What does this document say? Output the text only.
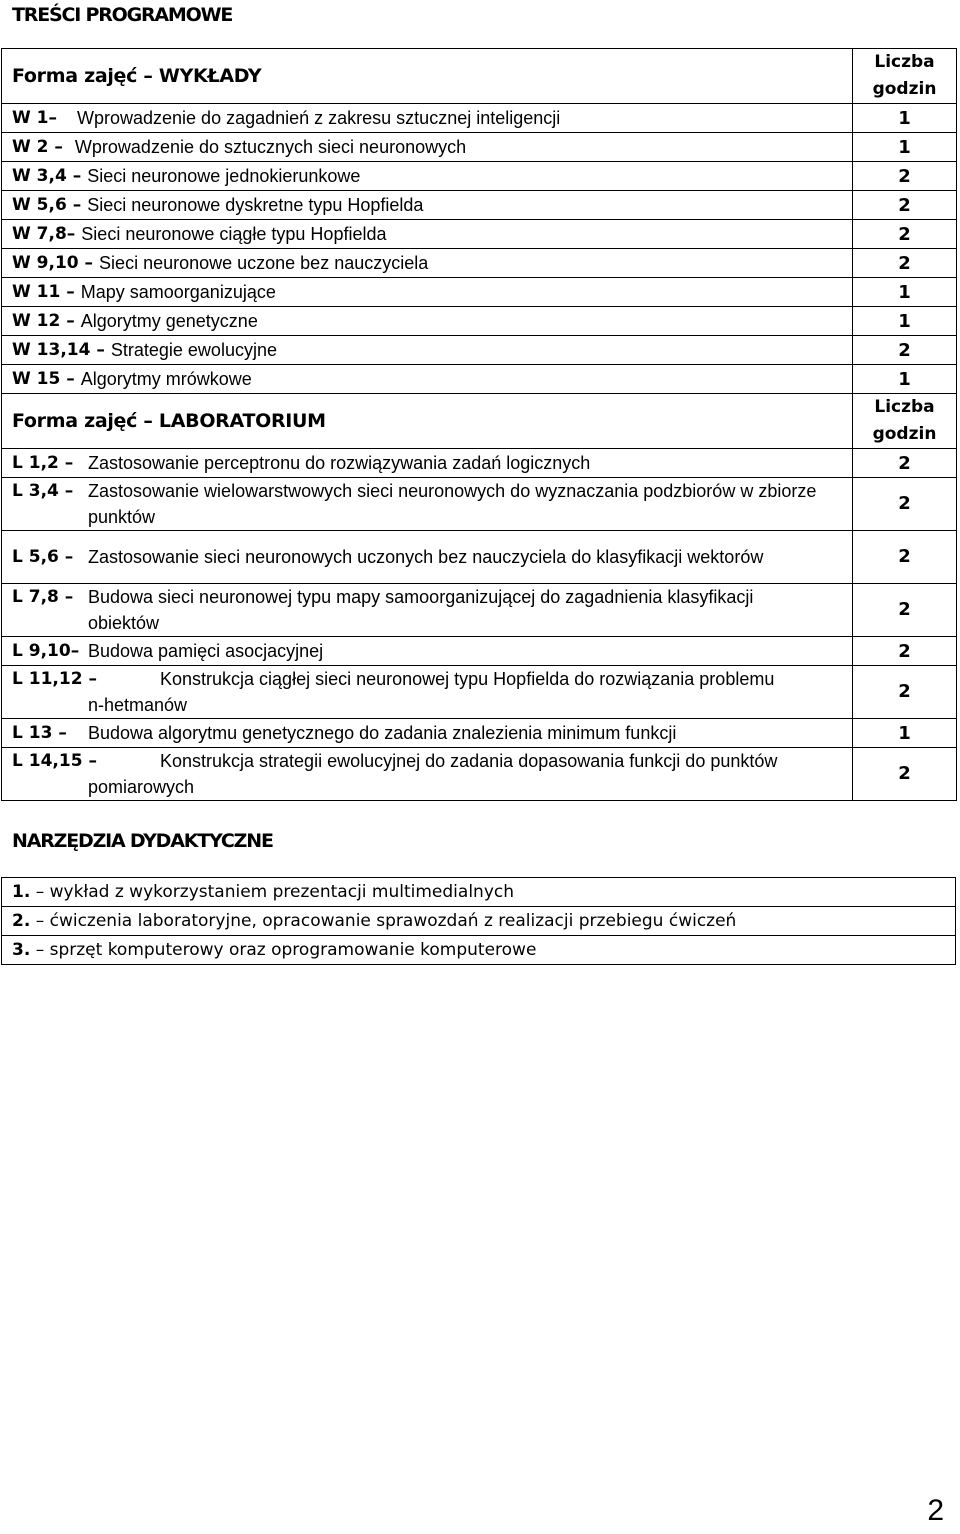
TREŚCI PROGRAMOWE
Forma zajęć – WYKŁADY	Liczba
godzin

W 1– Wprowadzenie do zagadnień z zakresu sztucznej inteligencji	1

W 2 – Wprowadzenie do sztucznych sieci neuronowych	1

W 3,4 – Sieci neuronowe jednokierunkowe	2

W 5,6 – Sieci neuronowe dyskretne typu Hopfielda	2

W 7,8– Sieci neuronowe ciągłe typu Hopfielda	2

W 9,10 – Sieci neuronowe uczone bez nauczyciela	2

W 11 – Mapy samoorganizujące	1

W 12 – Algorytmy genetyczne	1

W 13,14 – Strategie ewolucyjne	2

W 15 – Algorytmy mrówkowe	1
Forma zajęć – LABORATORIUM	Liczba
godzin

L 1,2 – Zastosowanie perceptronu do rozwiązywania zadań logicznych	2

L 3,4 – Zastosowanie wielowarstwowych sieci neuronowych do wyznaczania podzbiorów w zbiorze punktów	2

L 5,6 – Zastosowanie sieci neuronowych uczonych bez nauczyciela do klasyfikacji wektorów	2

L 7,8 – Budowa sieci neuronowej typu mapy samoorganizującej do zagadnienia klasyfikacji obiektów	2

L 9,10– Budowa pamięci asocjacyjnej	2

L 11,12 – Konstrukcja ciągłej sieci neuronowej typu Hopfielda do rozwiązania problemu n-hetmanów	2

L 13 – Budowa algorytmu genetycznego do zadania znalezienia minimum funkcji	1

L 14,15 – Konstrukcja strategii ewolucyjnej do zadania dopasowania funkcji do punktów pomiarowych	2
NARZĘDZIA DYDAKTYCZNE
1. – wykład z wykorzystaniem prezentacji multimedialnych
2. – ćwiczenia laboratoryjne, opracowanie sprawozdań z realizacji przebiegu ćwiczeń
3. – sprzęt komputerowy oraz oprogramowanie komputerowe
2
